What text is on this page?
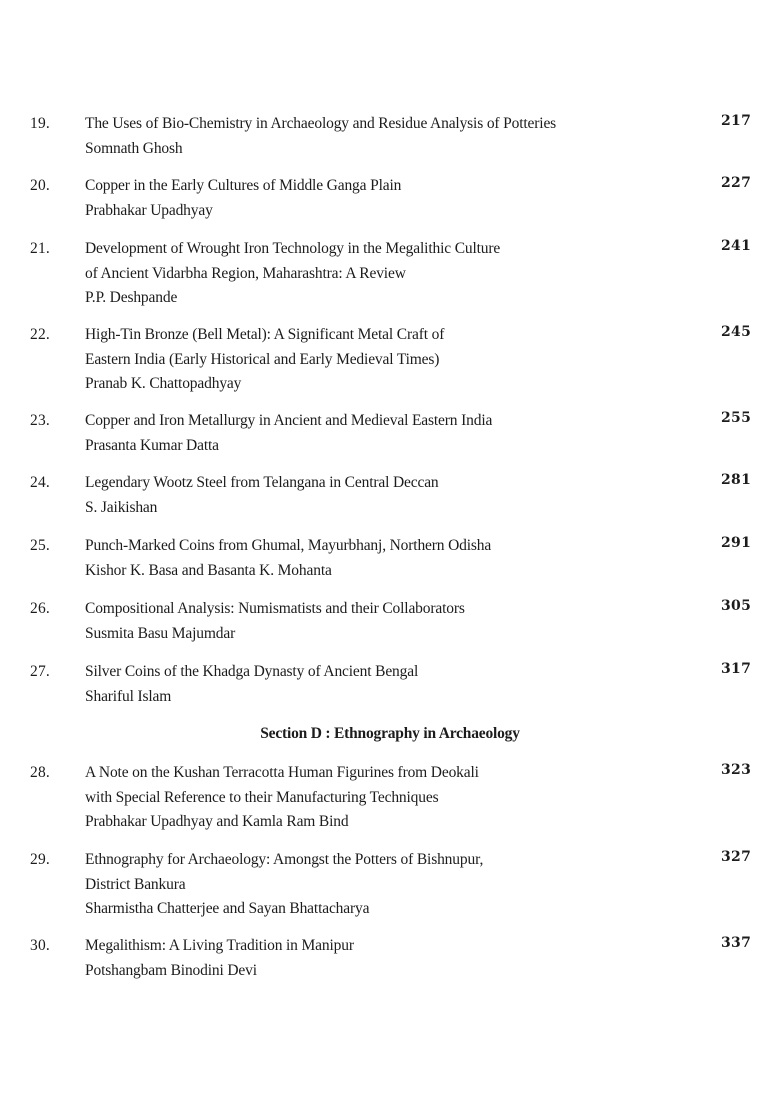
19. The Uses of Bio-Chemistry in Archaeology and Residue Analysis of Potteries
Somnath Ghosh
217
20. Copper in the Early Cultures of Middle Ganga Plain
Prabhakar Upadhyay
227
21. Development of Wrought Iron Technology in the Megalithic Culture
of Ancient Vidarbha Region, Maharashtra: A Review
P.P. Deshpande
241
22. High-Tin Bronze (Bell Metal): A Significant Metal Craft of
Eastern India (Early Historical and Early Medieval Times)
Pranab K. Chattopadhyay
245
23. Copper and Iron Metallurgy in Ancient and Medieval Eastern India
Prasanta Kumar Datta
255
24. Legendary Wootz Steel from Telangana in Central Deccan
S. Jaikishan
281
25. Punch-Marked Coins from Ghumal, Mayurbhanj, Northern Odisha
Kishor K. Basa and Basanta K. Mohanta
291
26. Compositional Analysis: Numismatists and their Collaborators
Susmita Basu Majumdar
305
27. Silver Coins of the Khadga Dynasty of Ancient Bengal
Shariful Islam
317
Section D : Ethnography in Archaeology
28. A Note on the Kushan Terracotta Human Figurines from Deokali
with Special Reference to their Manufacturing Techniques
Prabhakar Upadhyay and Kamla Ram Bind
323
29. Ethnography for Archaeology: Amongst the Potters of Bishnupur,
District Bankura
Sharmistha Chatterjee and Sayan Bhattacharya
327
30. Megalithism: A Living Tradition in Manipur
Potshangbam Binodini Devi
337
